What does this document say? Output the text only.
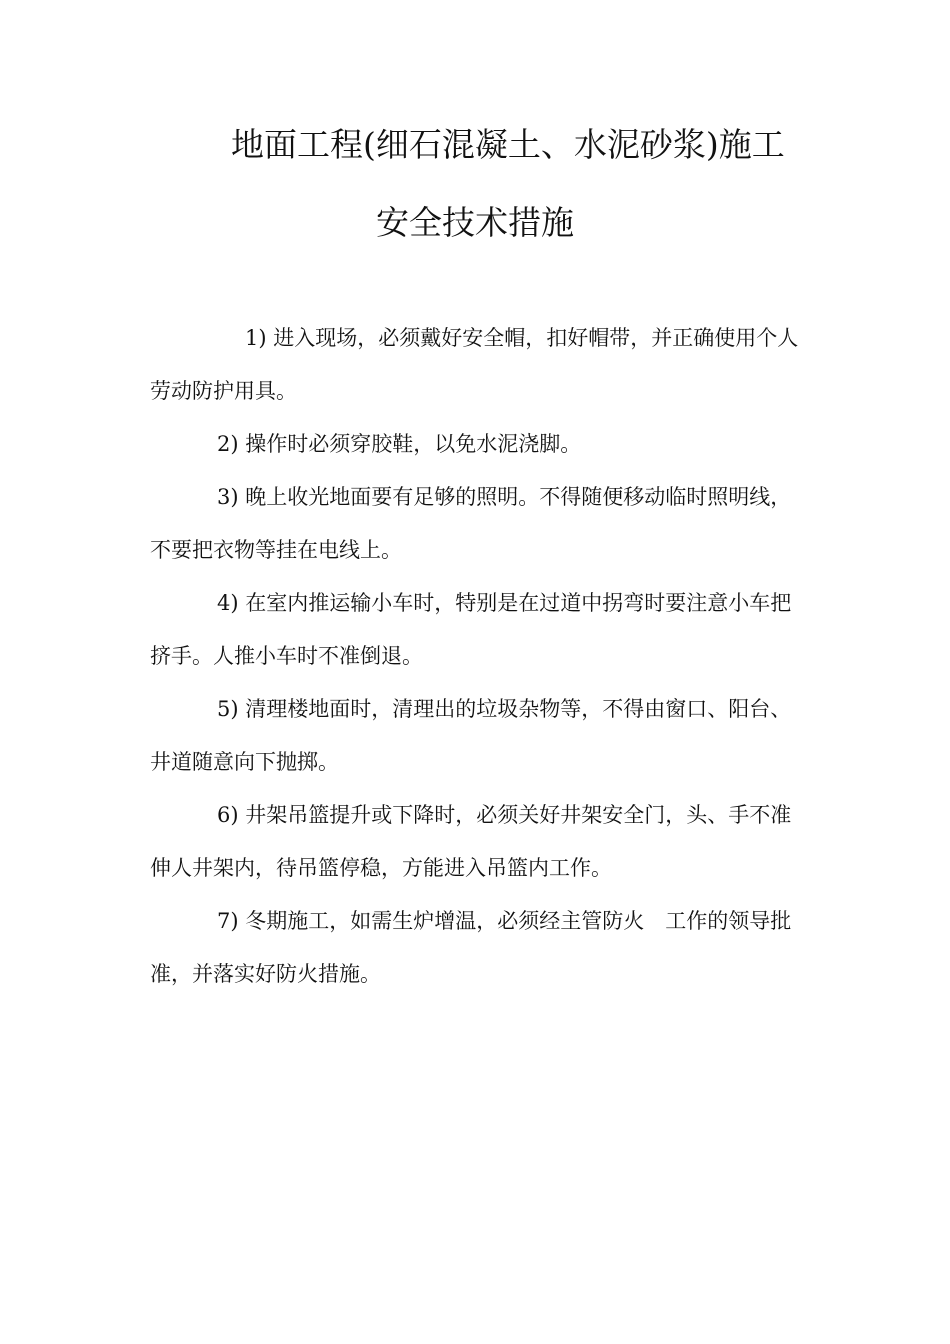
地面工程(细石混凝土、水泥砂浆)施工
安全技术措施

1) 进入现场，必须戴好安全帽，扣好帽带，并正确使用个人劳动防护用具。

2) 操作时必须穿胶鞋，以免水泥浇脚。

3) 晚上收光地面要有足够的照明。不得随便移动临时照明线，不要把衣物等挂在电线上。

4) 在室内推运输小车时，特别是在过道中拐弯时要注意小车把挤手。人推小车时不准倒退。

5) 清理楼地面时，清理出的垃圾杂物等，不得由窗口、阳台、井道随意向下抛掷。

6) 井架吊篮提升或下降时，必须关好井架安全门，头、手不准伸人井架内，待吊篮停稳，方能进入吊篮内工作。

7) 冬期施工，如需生炉增温，必须经主管防火　工作的领导批准，并落实好防火措施。
